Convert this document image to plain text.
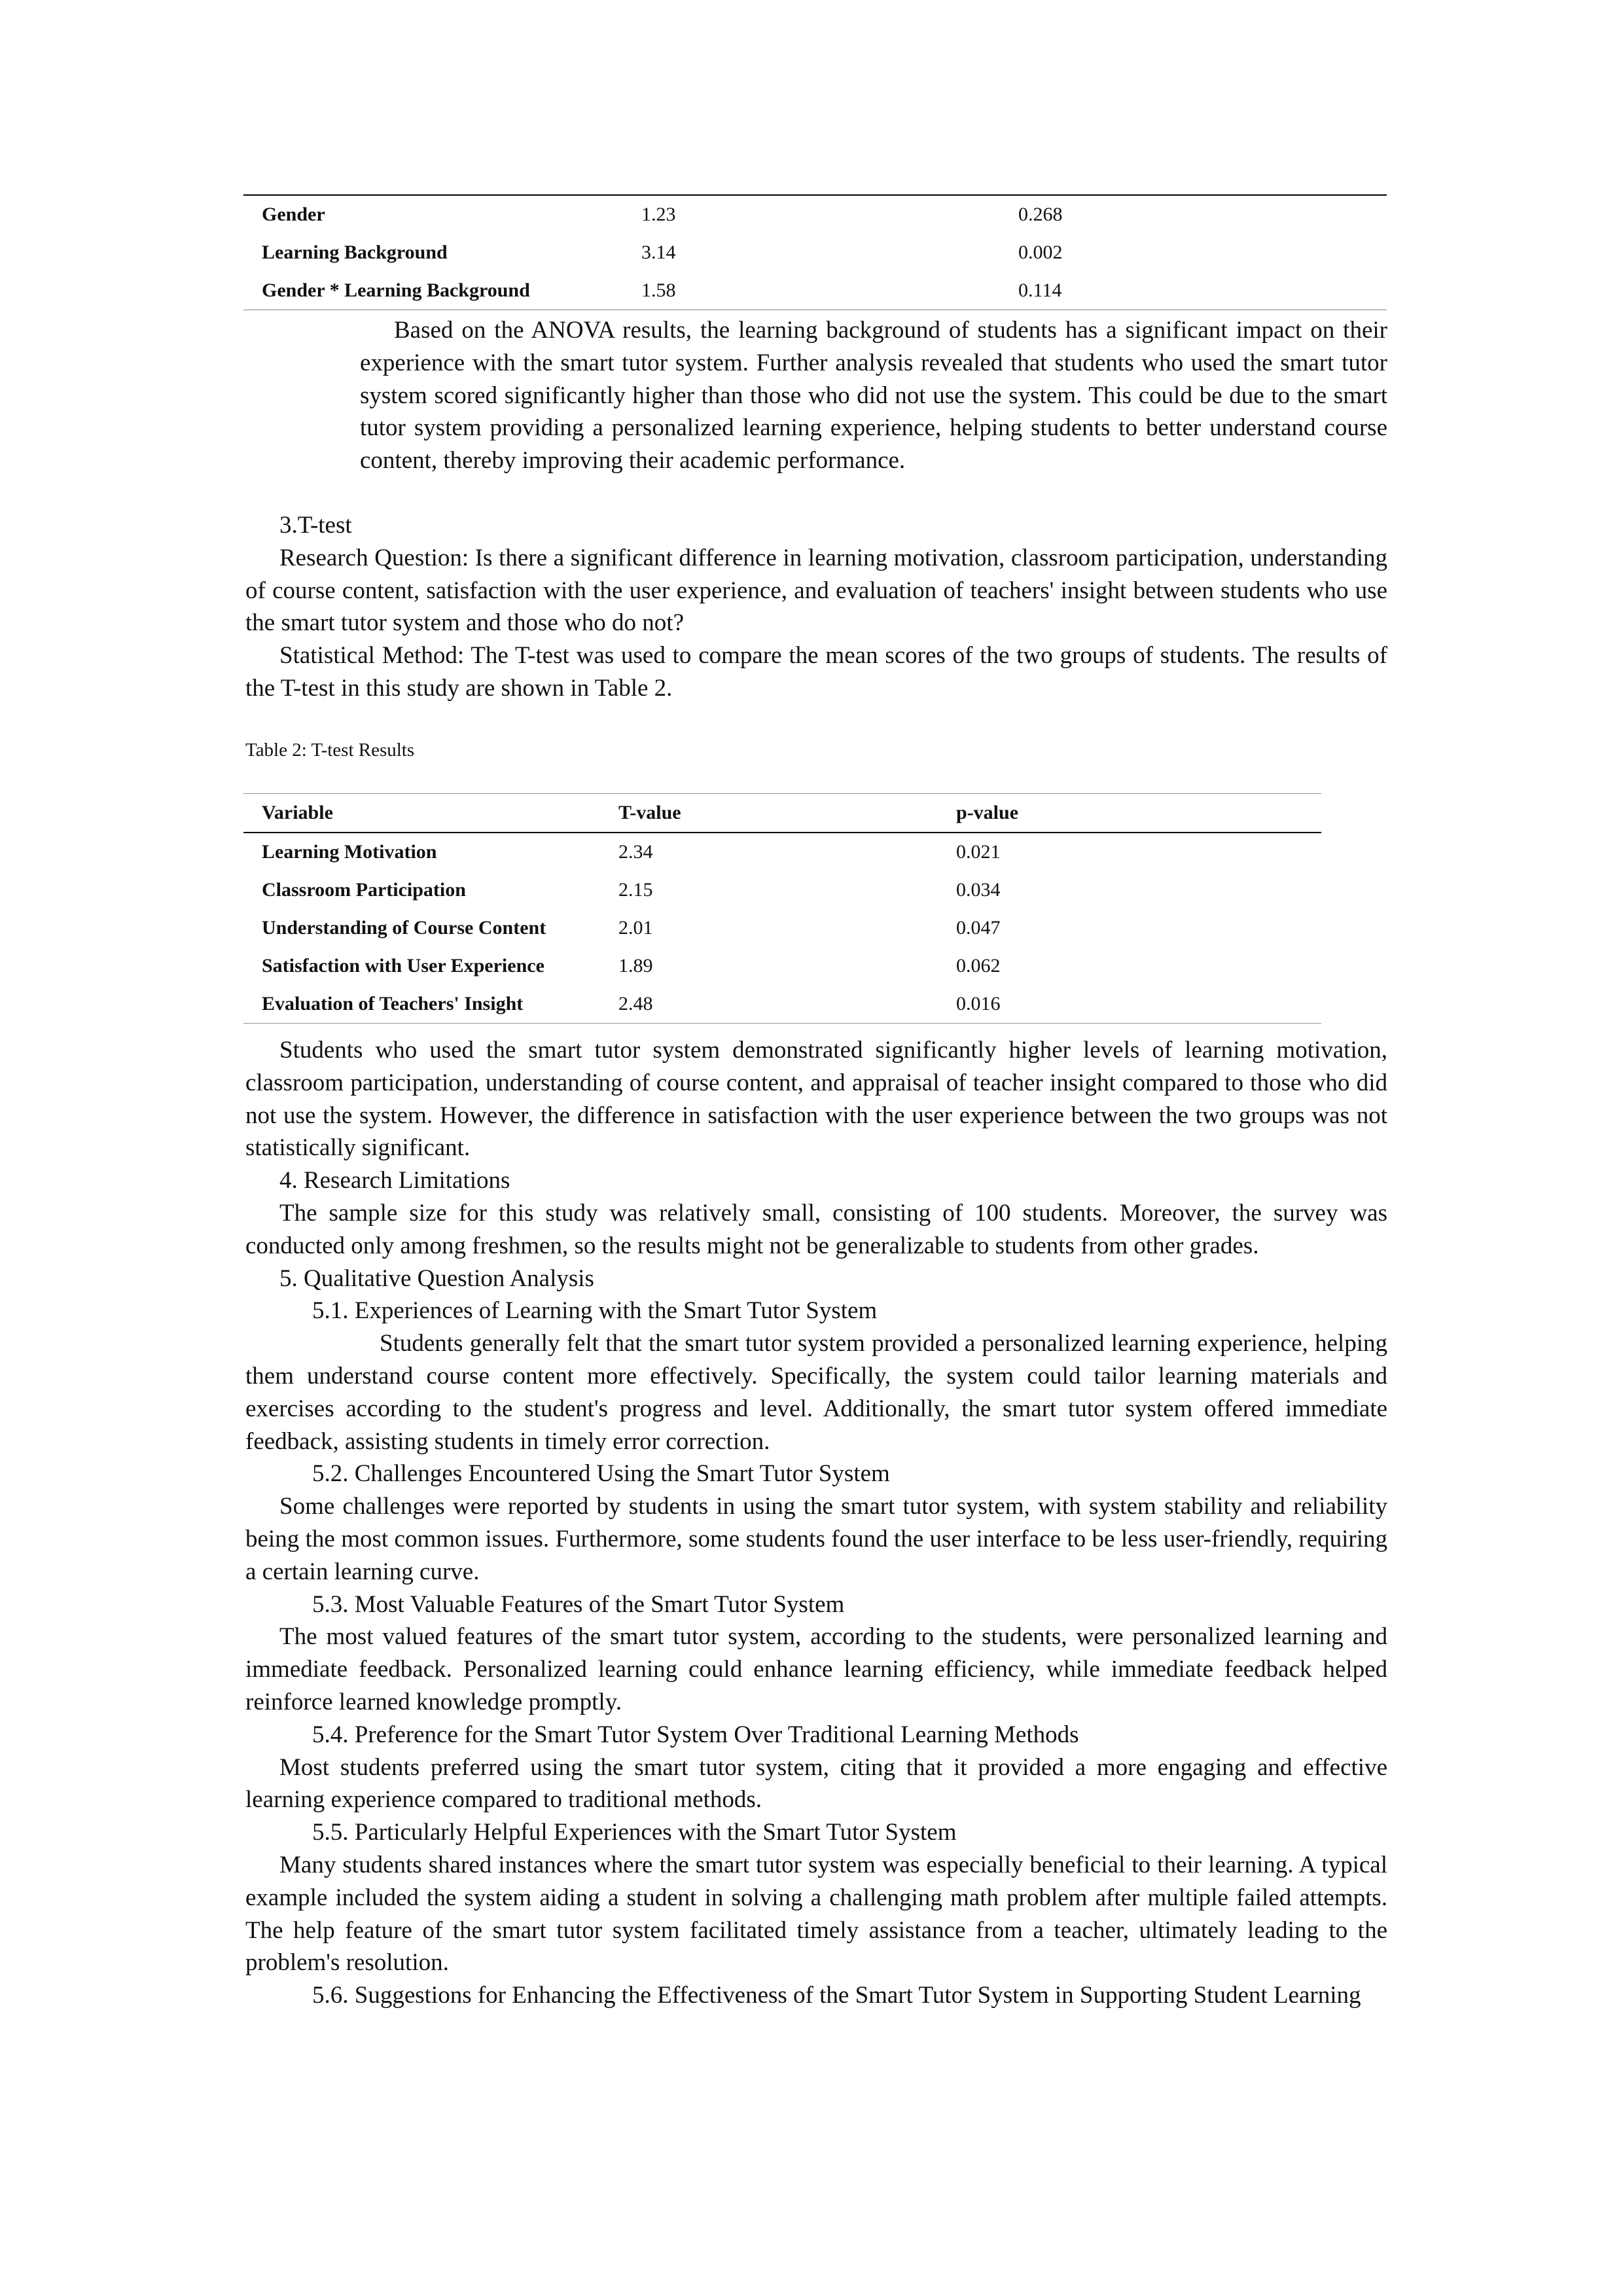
Gender	1.23	0.268
Learning Background	3.14	0.002
Gender * Learning Background	1.58	0.114

Based on the ANOVA results, the learning background of students has a significant impact on their experience with the smart tutor system. Further analysis revealed that students who used the smart tutor system scored significantly higher than those who did not use the system. This could be due to the smart tutor system providing a personalized learning experience, helping students to better understand course content, thereby improving their academic performance.

3.T-test
Research Question: Is there a significant difference in learning motivation, classroom participation, understanding of course content, satisfaction with the user experience, and evaluation of teachers' insight between students who use the smart tutor system and those who do not?
Statistical Method: The T-test was used to compare the mean scores of the two groups of students. The results of the T-test in this study are shown in Table 2.

Table 2: T-test Results

Variable	T-value	p-value
Learning Motivation	2.34	0.021
Classroom Participation	2.15	0.034
Understanding of Course Content	2.01	0.047
Satisfaction with User Experience	1.89	0.062
Evaluation of Teachers' Insight	2.48	0.016
Students who used the smart tutor system demonstrated significantly higher levels of learning motivation, classroom participation, understanding of course content, and appraisal of teacher insight compared to those who did not use the system. However, the difference in satisfaction with the user experience between the two groups was not statistically significant.
4. Research Limitations
The sample size for this study was relatively small, consisting of 100 students. Moreover, the survey was conducted only among freshmen, so the results might not be generalizable to students from other grades.
5. Qualitative Question Analysis
5.1. Experiences of Learning with the Smart Tutor System
Students generally felt that the smart tutor system provided a personalized learning experience, helping them understand course content more effectively. Specifically, the system could tailor learning materials and exercises according to the student's progress and level. Additionally, the smart tutor system offered immediate feedback, assisting students in timely error correction.
5.2. Challenges Encountered Using the Smart Tutor System
Some challenges were reported by students in using the smart tutor system, with system stability and reliability being the most common issues. Furthermore, some students found the user interface to be less user-friendly, requiring a certain learning curve.
5.3. Most Valuable Features of the Smart Tutor System
The most valued features of the smart tutor system, according to the students, were personalized learning and immediate feedback. Personalized learning could enhance learning efficiency, while immediate feedback helped reinforce learned knowledge promptly.
5.4. Preference for the Smart Tutor System Over Traditional Learning Methods
Most students preferred using the smart tutor system, citing that it provided a more engaging and effective learning experience compared to traditional methods.
5.5. Particularly Helpful Experiences with the Smart Tutor System
Many students shared instances where the smart tutor system was especially beneficial to their learning. A typical example included the system aiding a student in solving a challenging math problem after multiple failed attempts. The help feature of the smart tutor system facilitated timely assistance from a teacher, ultimately leading to the problem's resolution.
5.6. Suggestions for Enhancing the Effectiveness of the Smart Tutor System in Supporting Student Learning
